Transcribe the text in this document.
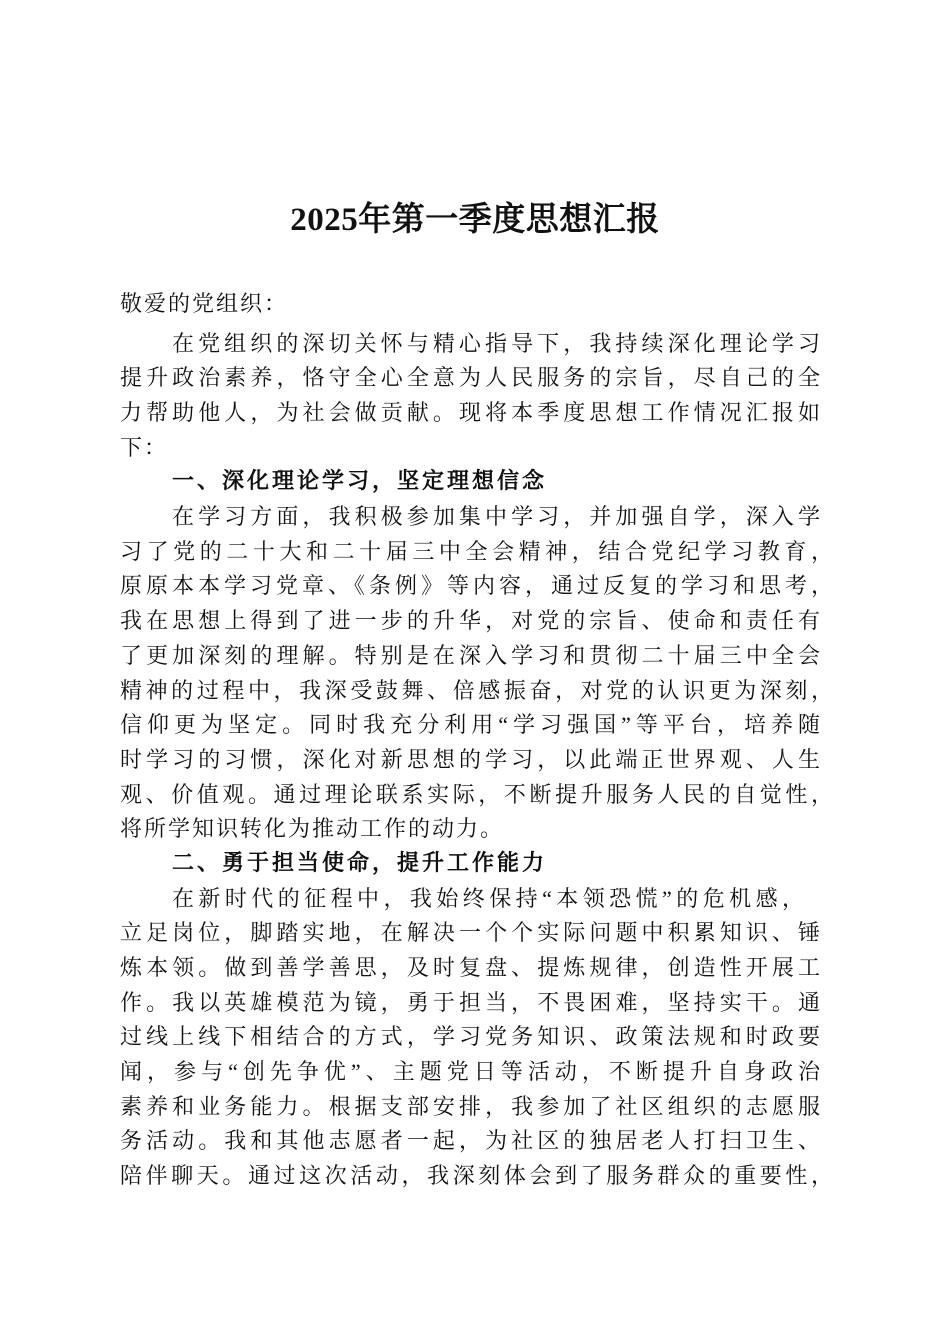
2025年第一季度思想汇报
敬爱的党组织：
在党组织的深切关怀与精心指导下，我持续深化理论学习
提升政治素养，恪守全心全意为人民服务的宗旨，尽自己的全
力帮助他人，为社会做贡献。现将本季度思想工作情况汇报如
下：
一、深化理论学习，坚定理想信念
在学习方面，我积极参加集中学习，并加强自学，深入学
习了党的二十大和二十届三中全会精神，结合党纪学习教育，
原原本本学习党章、《条例》等内容，通过反复的学习和思考，
我在思想上得到了进一步的升华，对党的宗旨、使命和责任有
了更加深刻的理解。特别是在深入学习和贯彻二十届三中全会
精神的过程中，我深受鼓舞、倍感振奋，对党的认识更为深刻，
信仰更为坚定。同时我充分利用“学习强国”等平台，培养随
时学习的习惯，深化对新思想的学习，以此端正世界观、人生
观、价值观。通过理论联系实际，不断提升服务人民的自觉性，
将所学知识转化为推动工作的动力。
二、勇于担当使命，提升工作能力
在新时代的征程中，我始终保持“本领恐慌”的危机感，
立足岗位，脚踏实地，在解决一个个实际问题中积累知识、锤
炼本领。做到善学善思，及时复盘、提炼规律，创造性开展工
作。我以英雄模范为镜，勇于担当，不畏困难，坚持实干。通
过线上线下相结合的方式，学习党务知识、政策法规和时政要
闻，参与“创先争优”、主题党日等活动，不断提升自身政治
素养和业务能力。根据支部安排，我参加了社区组织的志愿服
务活动。我和其他志愿者一起，为社区的独居老人打扫卫生、
陪伴聊天。通过这次活动，我深刻体会到了服务群众的重要性，
